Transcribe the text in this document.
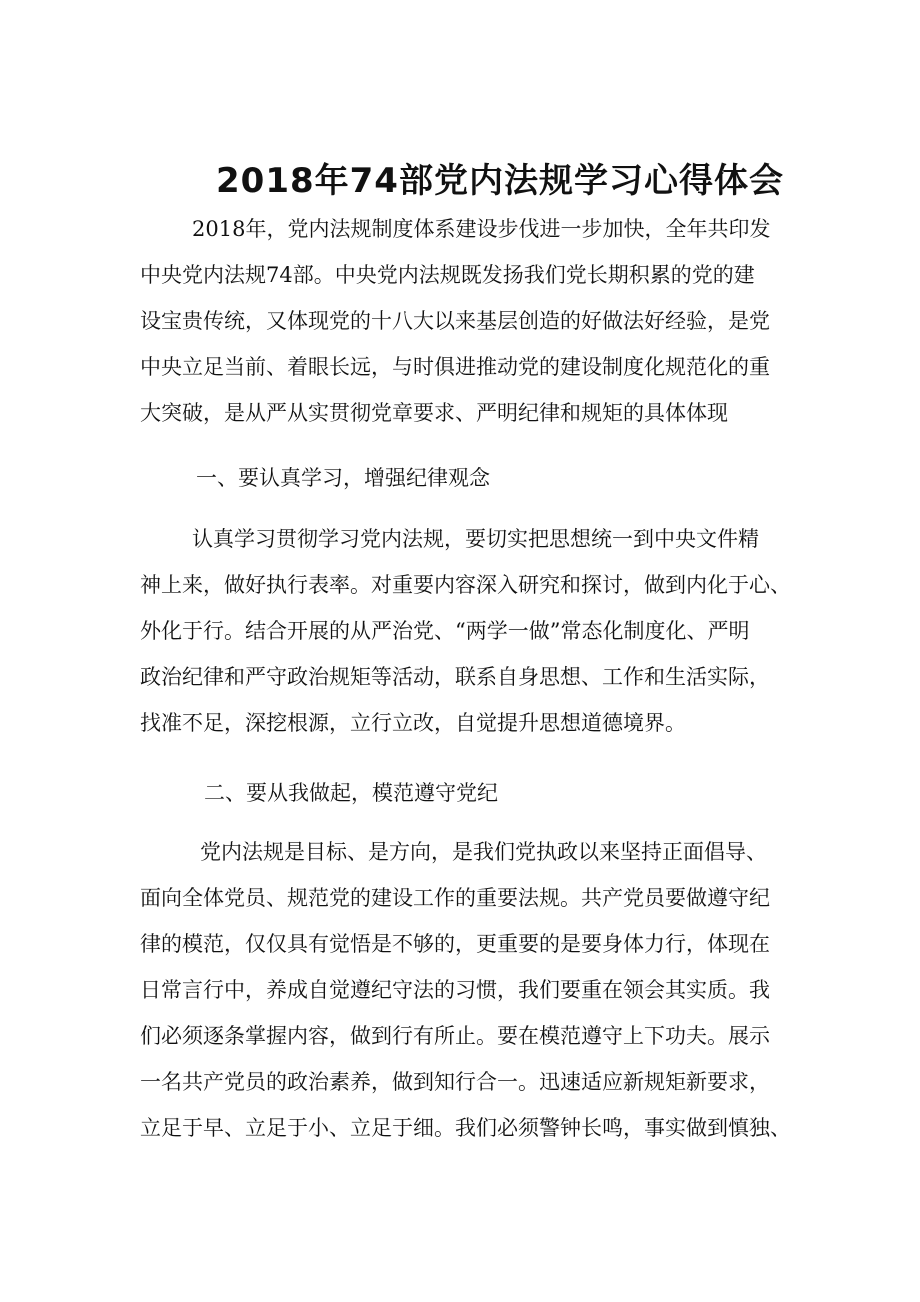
2018年74部党内法规学习心得体会
2018年，党内法规制度体系建设步伐进一步加快，全年共印发
中央党内法规74部。中央党内法规既发扬我们党长期积累的党的建
设宝贵传统，又体现党的十八大以来基层创造的好做法好经验，是党
中央立足当前、着眼长远，与时俱进推动党的建设制度化规范化的重
大突破，是从严从实贯彻党章要求、严明纪律和规矩的具体体现

一、要认真学习，增强纪律观念

认真学习贯彻学习党内法规，要切实把思想统一到中央文件精
神上来，做好执行表率。对重要内容深入研究和探讨，做到内化于心、
外化于行。结合开展的从严治党、“两学一做”常态化制度化、严明
政治纪律和严守政治规矩等活动，联系自身思想、工作和生活实际，
找准不足，深挖根源，立行立改，自觉提升思想道德境界。

二、要从我做起，模范遵守党纪

党内法规是目标、是方向，是我们党执政以来坚持正面倡导、
面向全体党员、规范党的建设工作的重要法规。共产党员要做遵守纪
律的模范，仅仅具有觉悟是不够的，更重要的是要身体力行，体现在
日常言行中，养成自觉遵纪守法的习惯，我们要重在领会其实质。我
们必须逐条掌握内容，做到行有所止。要在模范遵守上下功夫。展示
一名共产党员的政治素养，做到知行合一。迅速适应新规矩新要求，
立足于早、立足于小、立足于细。我们必须警钟长鸣，事实做到慎独、
